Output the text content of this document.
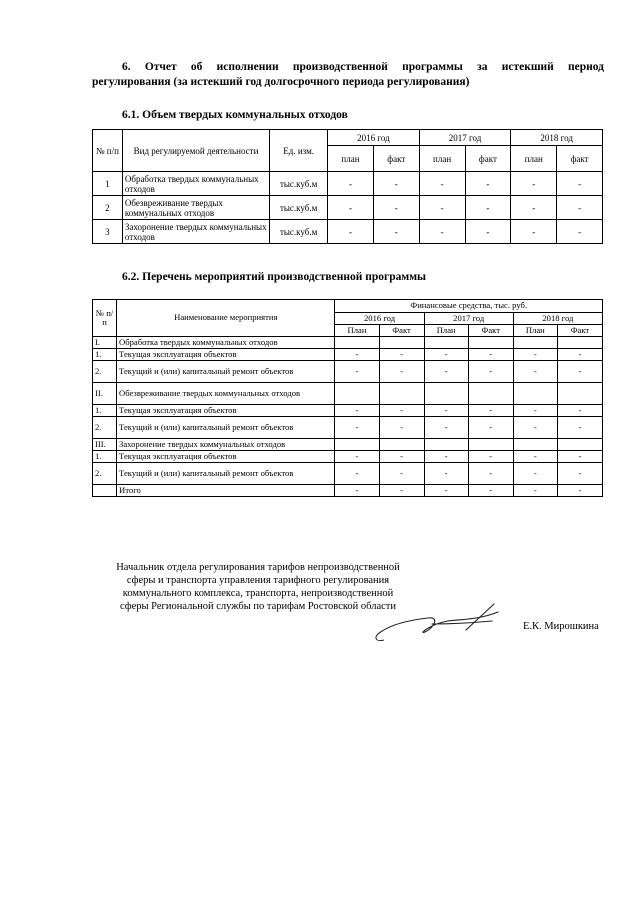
6. Отчет об исполнении производственной программы за истекший период
регулирования (за истекший год долгосрочного периода регулирования)
6.1. Объем твердых коммунальных отходов
№ п/п	Вид регулируемой деятельности	Ед. изм.	2016 год		2017 год		2018 год	
			план	факт	план	факт	план	факт
1	Обработка твердых коммунальных отходов	тыс.куб.м	-	-	-	-	-	-
2	Обезвреживание твердых коммунальных отходов	тыс.куб.м	-	-	-	-	-	-
3	Захоронение твердых коммунальных отходов	тыс.куб.м	-	-	-	-	-	-
6.2. Перечень мероприятий производственной программы
№ п/п	Наименование мероприятия	Финансовые средства, тыс. руб.					
		2016 год		2017 год		2018 год	
		План	Факт	План	Факт	План	Факт
I.	Обработка твердых коммунальных отходов						
1.	Текущая эксплуатация объектов	-	-	-	-	-	-
2.	Текущий и (или) капитальный ремонт объектов	-	-	-	-	-	-
II.	Обезвреживание твердых коммунальных отходов						
1.	Текущая эксплуатация объектов	-	-	-	-	-	-
2.	Текущий и (или) капитальный ремонт объектов	-	-	-	-	-	-
III.	Захоронение твердых коммунальных отходов						
1.	Текущая эксплуатация объектов	-	-	-	-	-	-
2.	Текущий и (или) капитальный ремонт объектов	-	-	-	-	-	-
	Итого	-	-	-	-	-	-
Начальник отдела регулирования тарифов непроизводственной сферы и транспорта управления тарифного регулирования коммунального комплекса, транспорта, непроизводственной сферы Региональной службы по тарифам Ростовской области
Е.К. Мирошкина
